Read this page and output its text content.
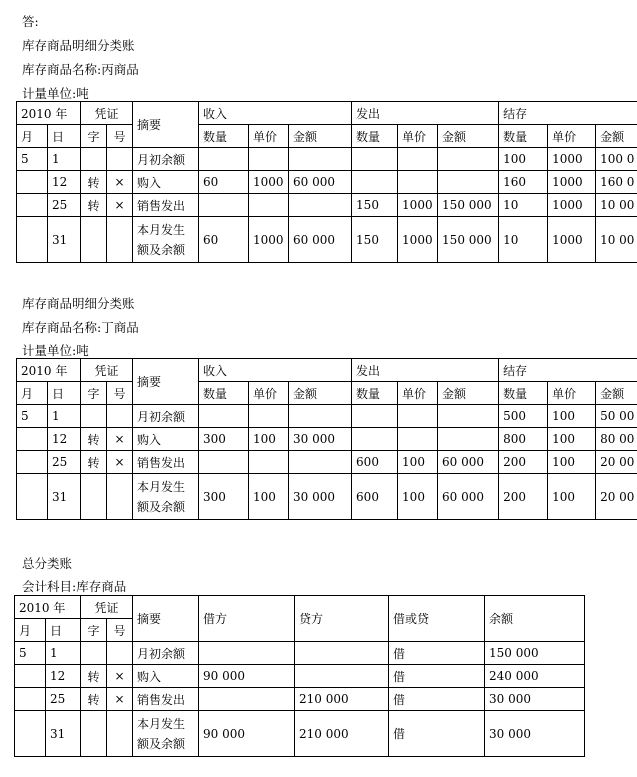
答:
库存商品明细分类账
库存商品名称:丙商品
计量单位:吨
2010 年		凭证		摘要	收入			发出			结存		
月	日	字	号		数量	单价	金额	数量	单价	金额	数量	单价	金额
5	1			月初余额							100	1000	100 0
	12	转	×	购入	60	1000	60 000				160	1000	160 0
	25	转	×	销售发出				150	1000	150 000	10	1000	10 00
	31			本月发生额及余额	60	1000	60 000	150	1000	150 000	10	1000	10 00
库存商品明细分类账
库存商品名称:丁商品
计量单位:吨
2010 年		凭证		摘要	收入			发出			结存		
月	日	字	号		数量	单价	金额	数量	单价	金额	数量	单价	金额
5	1			月初余额							500	100	50 00
	12	转	×	购入	300	100	30 000				800	100	80 00
	25	转	×	销售发出				600	100	60 000	200	100	20 00
	31			本月发生额及余额	300	100	30 000	600	100	60 000	200	100	20 00
总分类账
会计科目:库存商品
2010 年		凭证		摘要	借方	贷方	借或贷	余额
月	日	字	号					
5	1			月初余额			借	150 000
	12	转	×	购入	90 000		借	240 000
	25	转	×	销售发出		210 000	借	30 000
	31			本月发生额及余额	90 000	210 000	借	30 000
